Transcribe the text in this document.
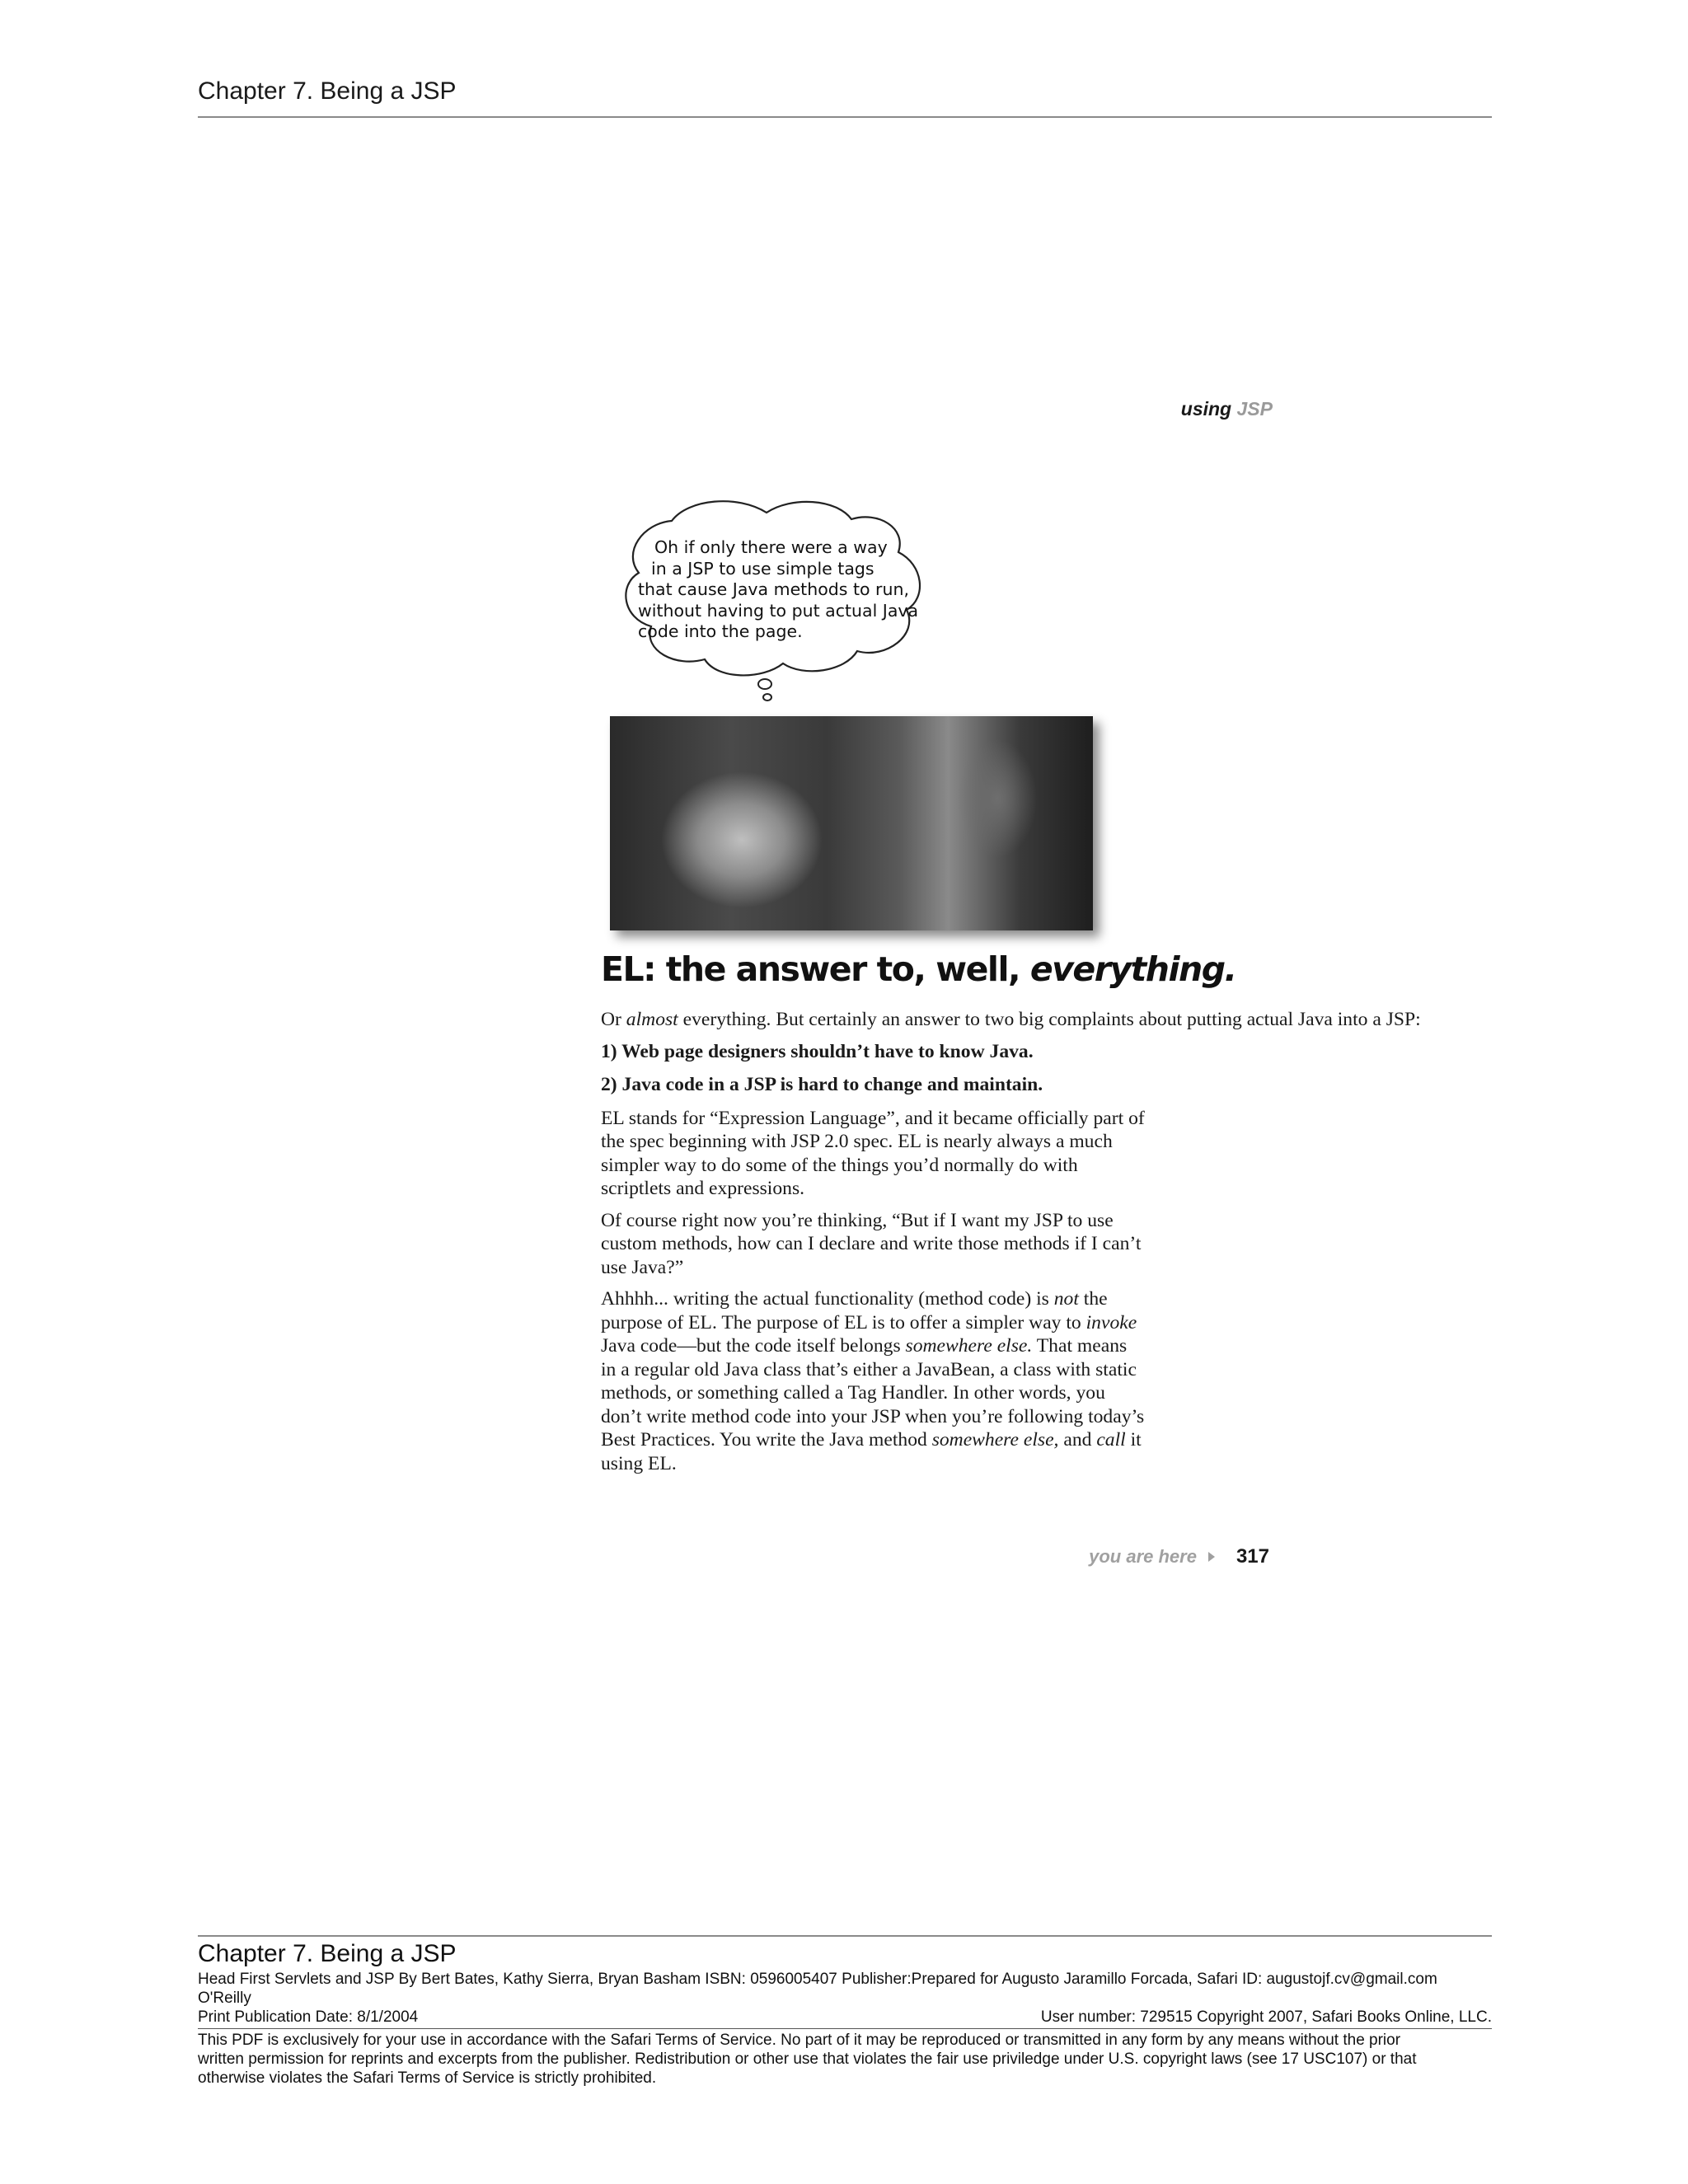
Chapter 7. Being a JSP
using JSP
Oh if only there were a way
in a JSP to use simple tags
that cause Java methods to run,
without having to put actual Java
code into the page.
EL: the answer to, well, everything.

Or almost everything. But certainly an answer to two big complaints about putting actual Java into a JSP:

1) Web page designers shouldn’t have to know Java.

2) Java code in a JSP is hard to change and maintain.

EL stands for “Expression Language”, and it became officially part of the spec beginning with JSP 2.0 spec. EL is nearly always a much simpler way to do some of the things you’d normally do with scriptlets and expressions.

Of course right now you’re thinking, “But if I want my JSP to use custom methods, how can I declare and write those methods if I can’t use Java?”

Ahhhh... writing the actual functionality (method code) is not the purpose of EL. The purpose of EL is to offer a simpler way to invoke Java code—but the code itself belongs somewhere else. That means in a regular old Java class that’s either a JavaBean, a class with static methods, or something called a Tag Handler. In other words, you don’t write method code into your JSP when you’re following today’s Best Practices. You write the Java method somewhere else, and call it using EL.

you are here 317
Chapter 7. Being a JSP
Head First Servlets and JSP By Bert Bates, Kathy Sierra, Bryan Basham ISBN: 0596005407 Publisher:Prepared for Augusto Jaramillo Forcada, Safari ID: augustojf.cv@gmail.com
O'Reilly
Print Publication Date: 8/1/2004	User number: 729515 Copyright 2007, Safari Books Online, LLC.
This PDF is exclusively for your use in accordance with the Safari Terms of Service. No part of it may be reproduced or transmitted in any form by any means without the prior
written permission for reprints and excerpts from the publisher. Redistribution or other use that violates the fair use priviledge under U.S. copyright laws (see 17 USC107) or that
otherwise violates the Safari Terms of Service is strictly prohibited.
